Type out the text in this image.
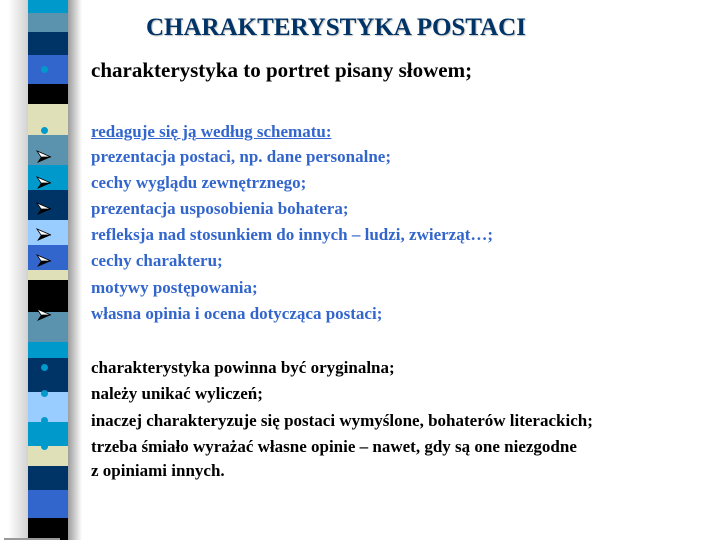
CHARAKTERYSTYKA POSTACI
charakterystyka to portret pisany słowem;
redaguje się ją według schematu:
prezentacja postaci, np. dane personalne;
cechy wyglądu zewnętrznego;
prezentacja usposobienia bohatera;
refleksja nad stosunkiem do innych – ludzi, zwierząt…;
cechy charakteru;
motywy postępowania;
własna opinia i ocena dotycząca postaci;
charakterystyka powinna być oryginalna;
należy unikać wyliczeń;
inaczej charakteryzuje się postaci wymyślone, bohaterów literackich;
trzeba śmiało wyrażać własne opinie – nawet, gdy są one niezgodne
z opiniami innych.
